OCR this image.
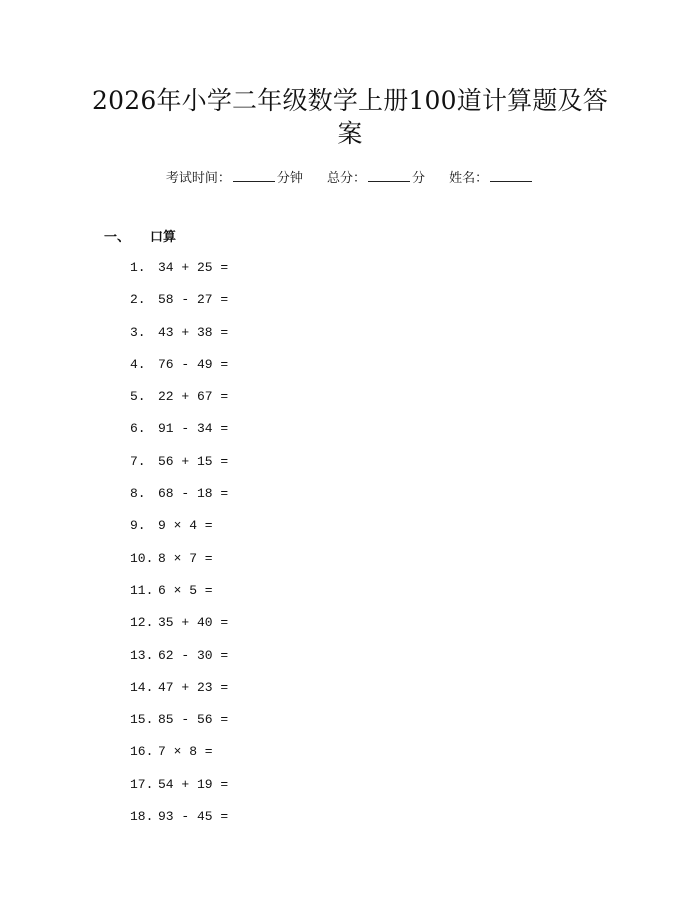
2026年小学二年级数学上册100道计算题及答案
考试时间：	分钟 总分：	分 姓名：
一、 口算
1. 34 + 25 =
2. 58 - 27 =
3. 43 + 38 =
4. 76 - 49 =
5. 22 + 67 =
6. 91 - 34 =
7. 56 + 15 =
8. 68 - 18 =
9. 9 × 4 =
10. 8 × 7 =
11. 6 × 5 =
12. 35 + 40 =
13. 62 - 30 =
14. 47 + 23 =
15. 85 - 56 =
16. 7 × 8 =
17. 54 + 19 =
18. 93 - 45 =
